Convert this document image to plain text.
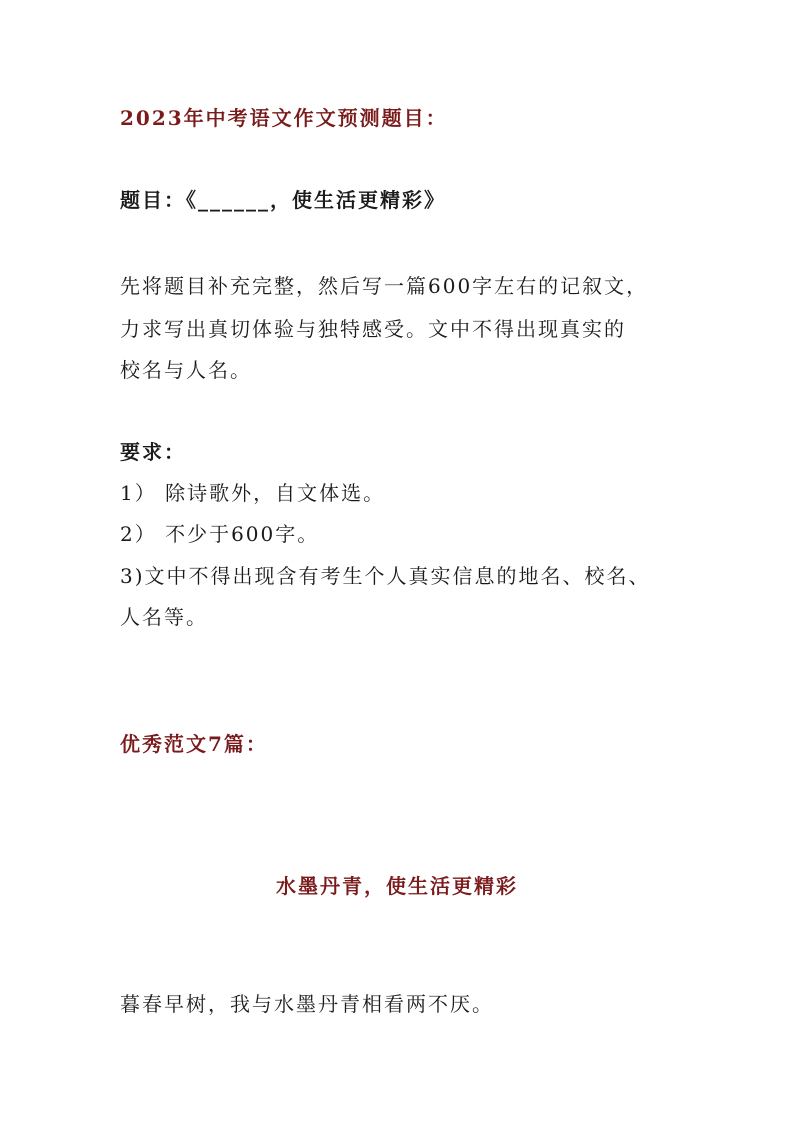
2023年中考语文作文预测题目：
题目：《______，使生活更精彩》
先将题目补充完整，然后写一篇600字左右的记叙文，
力求写出真切体验与独特感受。文中不得出现真实的
校名与人名。
要求：
1） 除诗歌外，自文体选。
2） 不少于600字。
3)文中不得出现含有考生个人真实信息的地名、校名、
人名等。
优秀范文7篇：
水墨丹青，使生活更精彩
暮春早树，我与水墨丹青相看两不厌。
